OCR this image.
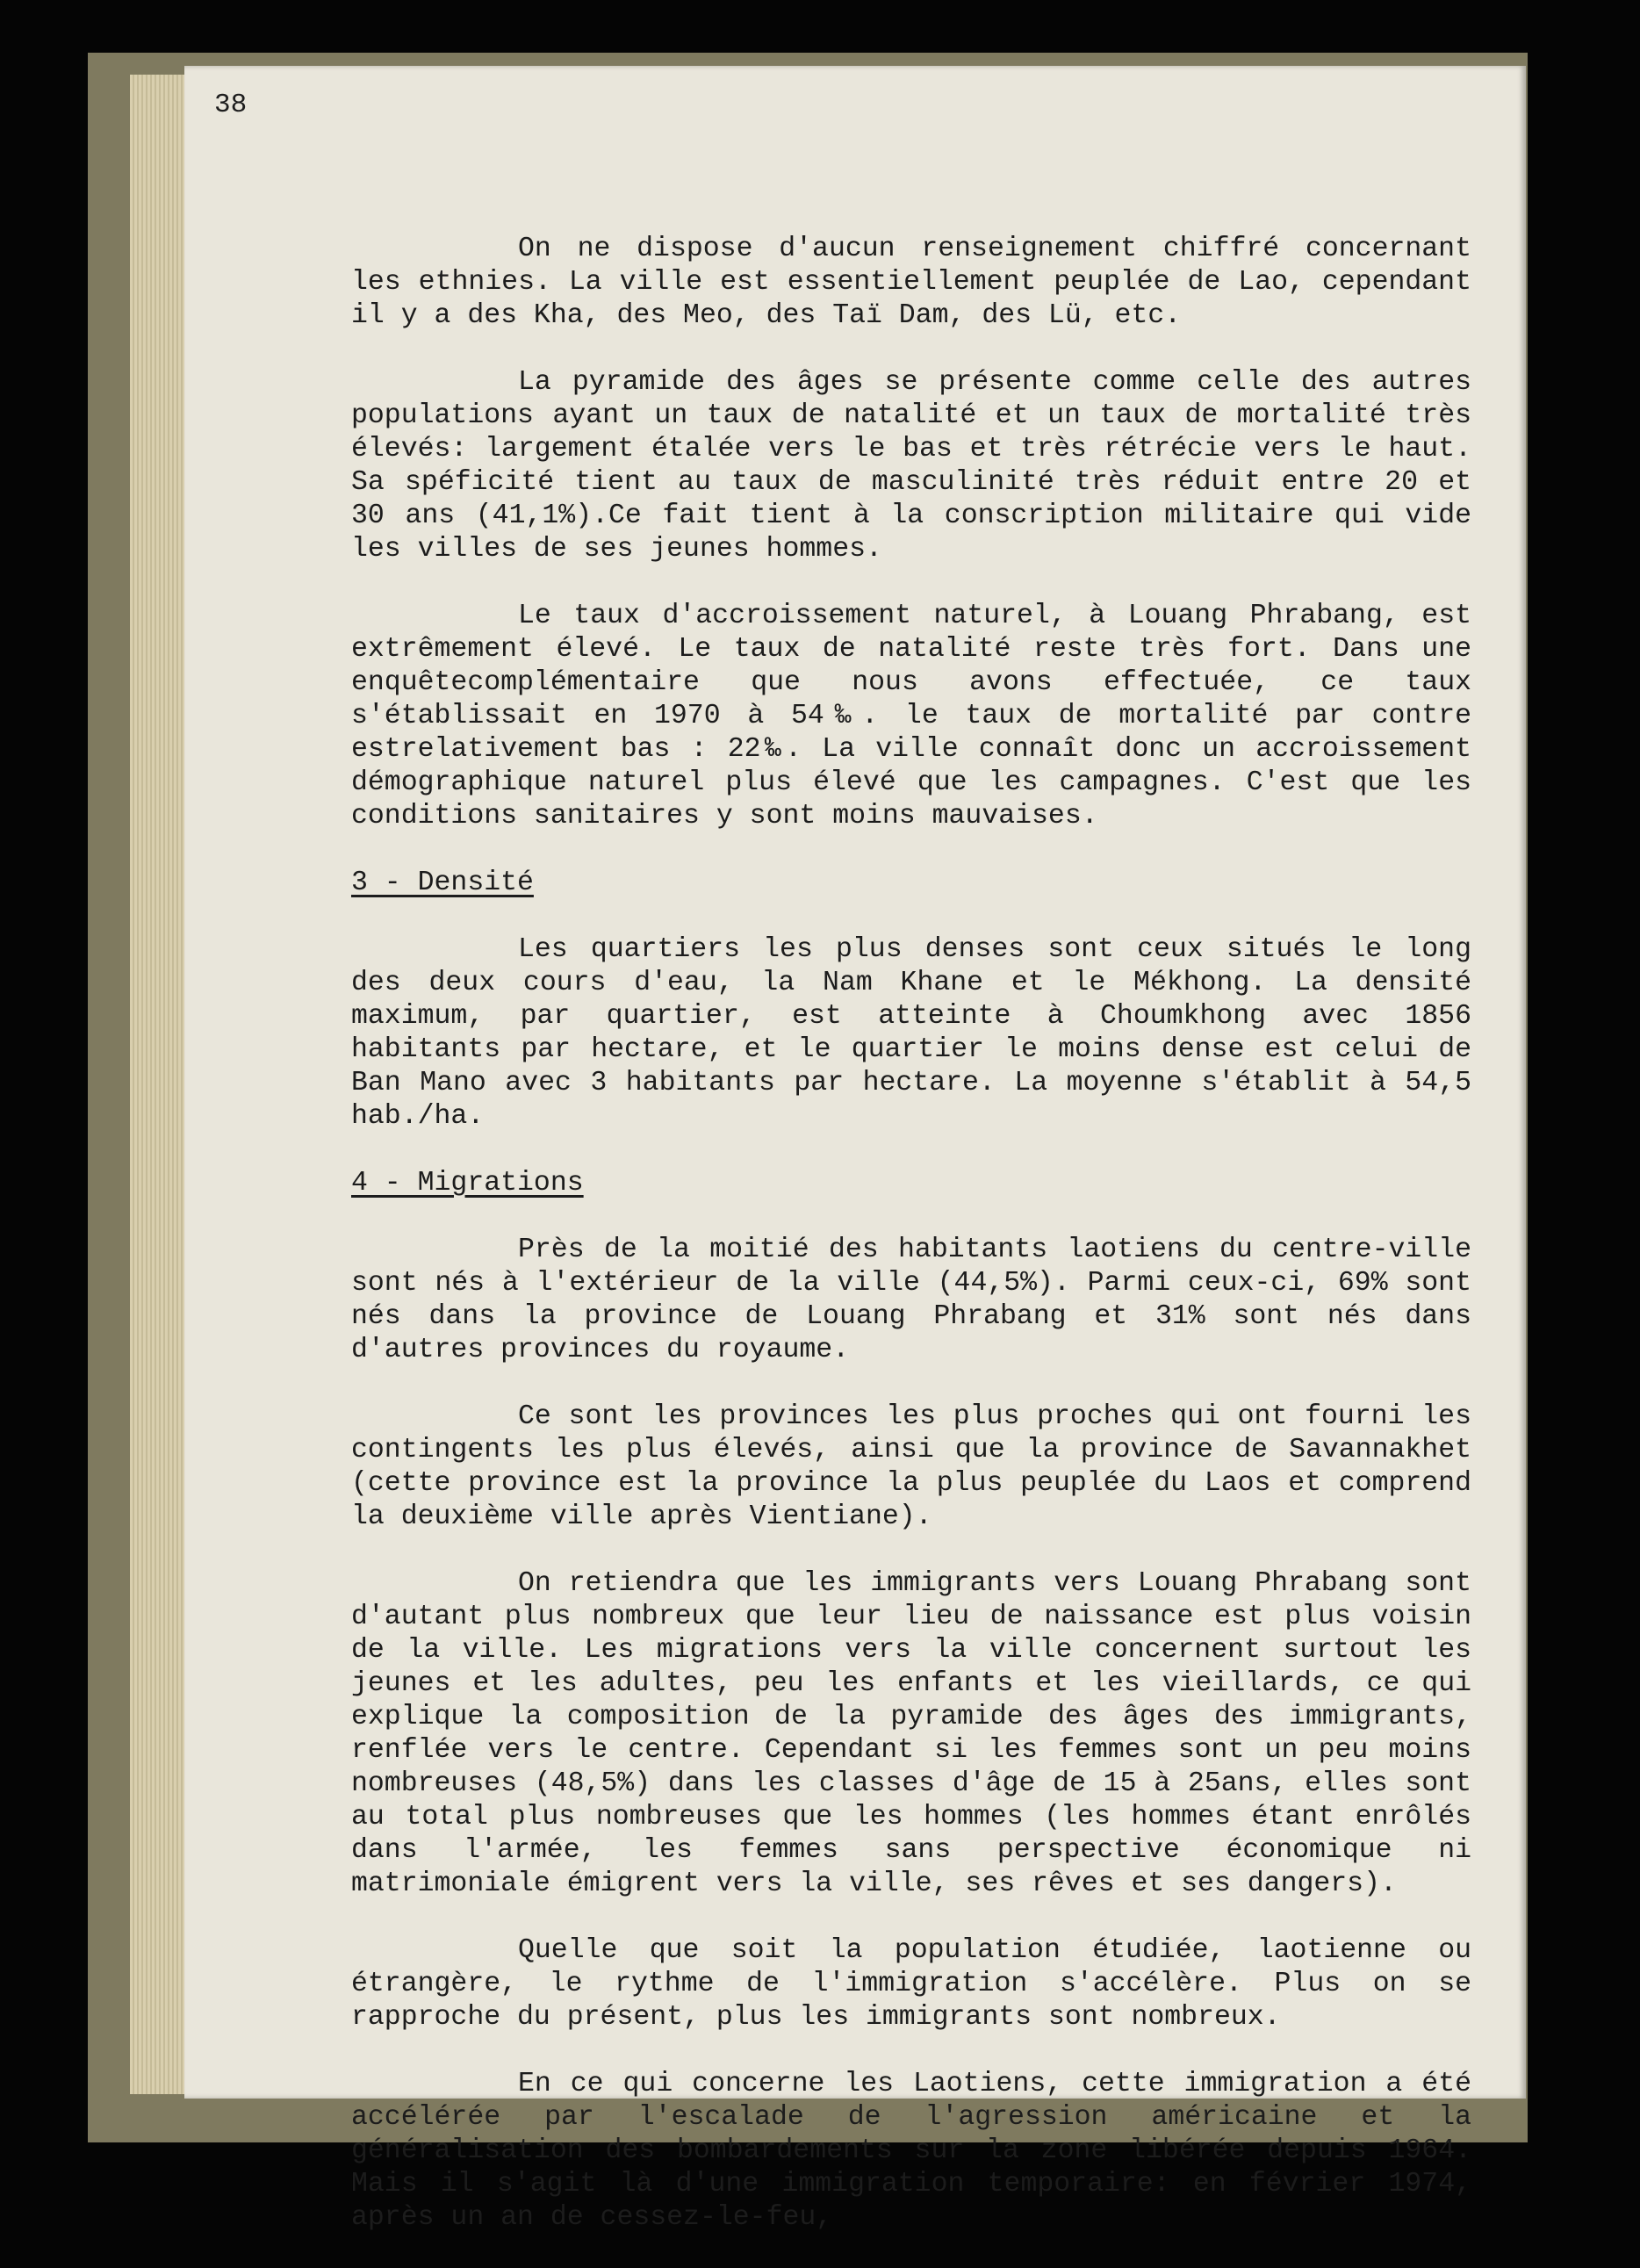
38

On ne dispose d'aucun renseignement chiffré concernant les ethnies. La ville est essentiellement peuplée de Lao, cependant il y a des Kha, des Meo, des Taï Dam, des Lü, etc.

La pyramide des âges se présente comme celle des autres populations ayant un taux de natalité et un taux de mortalité très élevés: largement étalée vers le bas et très rétrécie vers le haut. Sa spéficité tient au taux de masculinité très réduit entre 20 et 30 ans (41,1%).Ce fait tient à la conscription militaire qui vide les villes de ses jeunes hommes.

Le taux d'accroissement naturel, à Louang Phrabang, est extrêmement élevé. Le taux de natalité reste très fort. Dans une enquêtecomplémentaire que nous avons effectuée, ce taux s'établissait en 1970 à 54‰. le taux de mortalité par contre estrelativement bas : 22‰. La ville connaît donc un accroissement démographique naturel plus élevé que les campagnes. C'est que les conditions sanitaires y sont moins mauvaises.

3 - Densité

Les quartiers les plus denses sont ceux situés le long des deux cours d'eau, la Nam Khane et le Mékhong. La densité maximum, par quartier, est atteinte à Choumkhong avec 1856 habitants par hectare, et le quartier le moins dense est celui de Ban Mano avec 3 habitants par hectare. La moyenne s'établit à 54,5 hab./ha.

4 - Migrations

Près de la moitié des habitants laotiens du centre-ville sont nés à l'extérieur de la ville (44,5%). Parmi ceux-ci, 69% sont nés dans la province de Louang Phrabang et 31% sont nés dans d'autres provinces du royaume.

Ce sont les provinces les plus proches qui ont fourni les contingents les plus élevés, ainsi que la province de Savannakhet (cette province est la province la plus peuplée du Laos et comprend la deuxième ville après Vientiane).

On retiendra que les immigrants vers Louang Phrabang sont d'autant plus nombreux que leur lieu de naissance est plus voisin de la ville. Les migrations vers la ville concernent surtout les jeunes et les adultes, peu les enfants et les vieillards, ce qui explique la composition de la pyramide des âges des immigrants, renflée vers le centre. Cependant si les femmes sont un peu moins nombreuses (48,5%) dans les classes d'âge de 15 à 25ans, elles sont au total plus nombreuses que les hommes (les hommes étant enrôlés dans l'armée, les femmes sans perspective économique ni matrimoniale émigrent vers la ville, ses rêves et ses dangers).

Quelle que soit la population étudiée, laotienne ou étrangère, le rythme de l'immigration s'accélère. Plus on se rapproche du présent, plus les immigrants sont nombreux.

En ce qui concerne les Laotiens, cette immigration a été accélérée par l'escalade de l'agression américaine et la généralisation des bombardements sur la zone libérée depuis 1964. Mais il s'agit là d'une immigration temporaire: en février 1974, après un an de cessez-le-feu,
